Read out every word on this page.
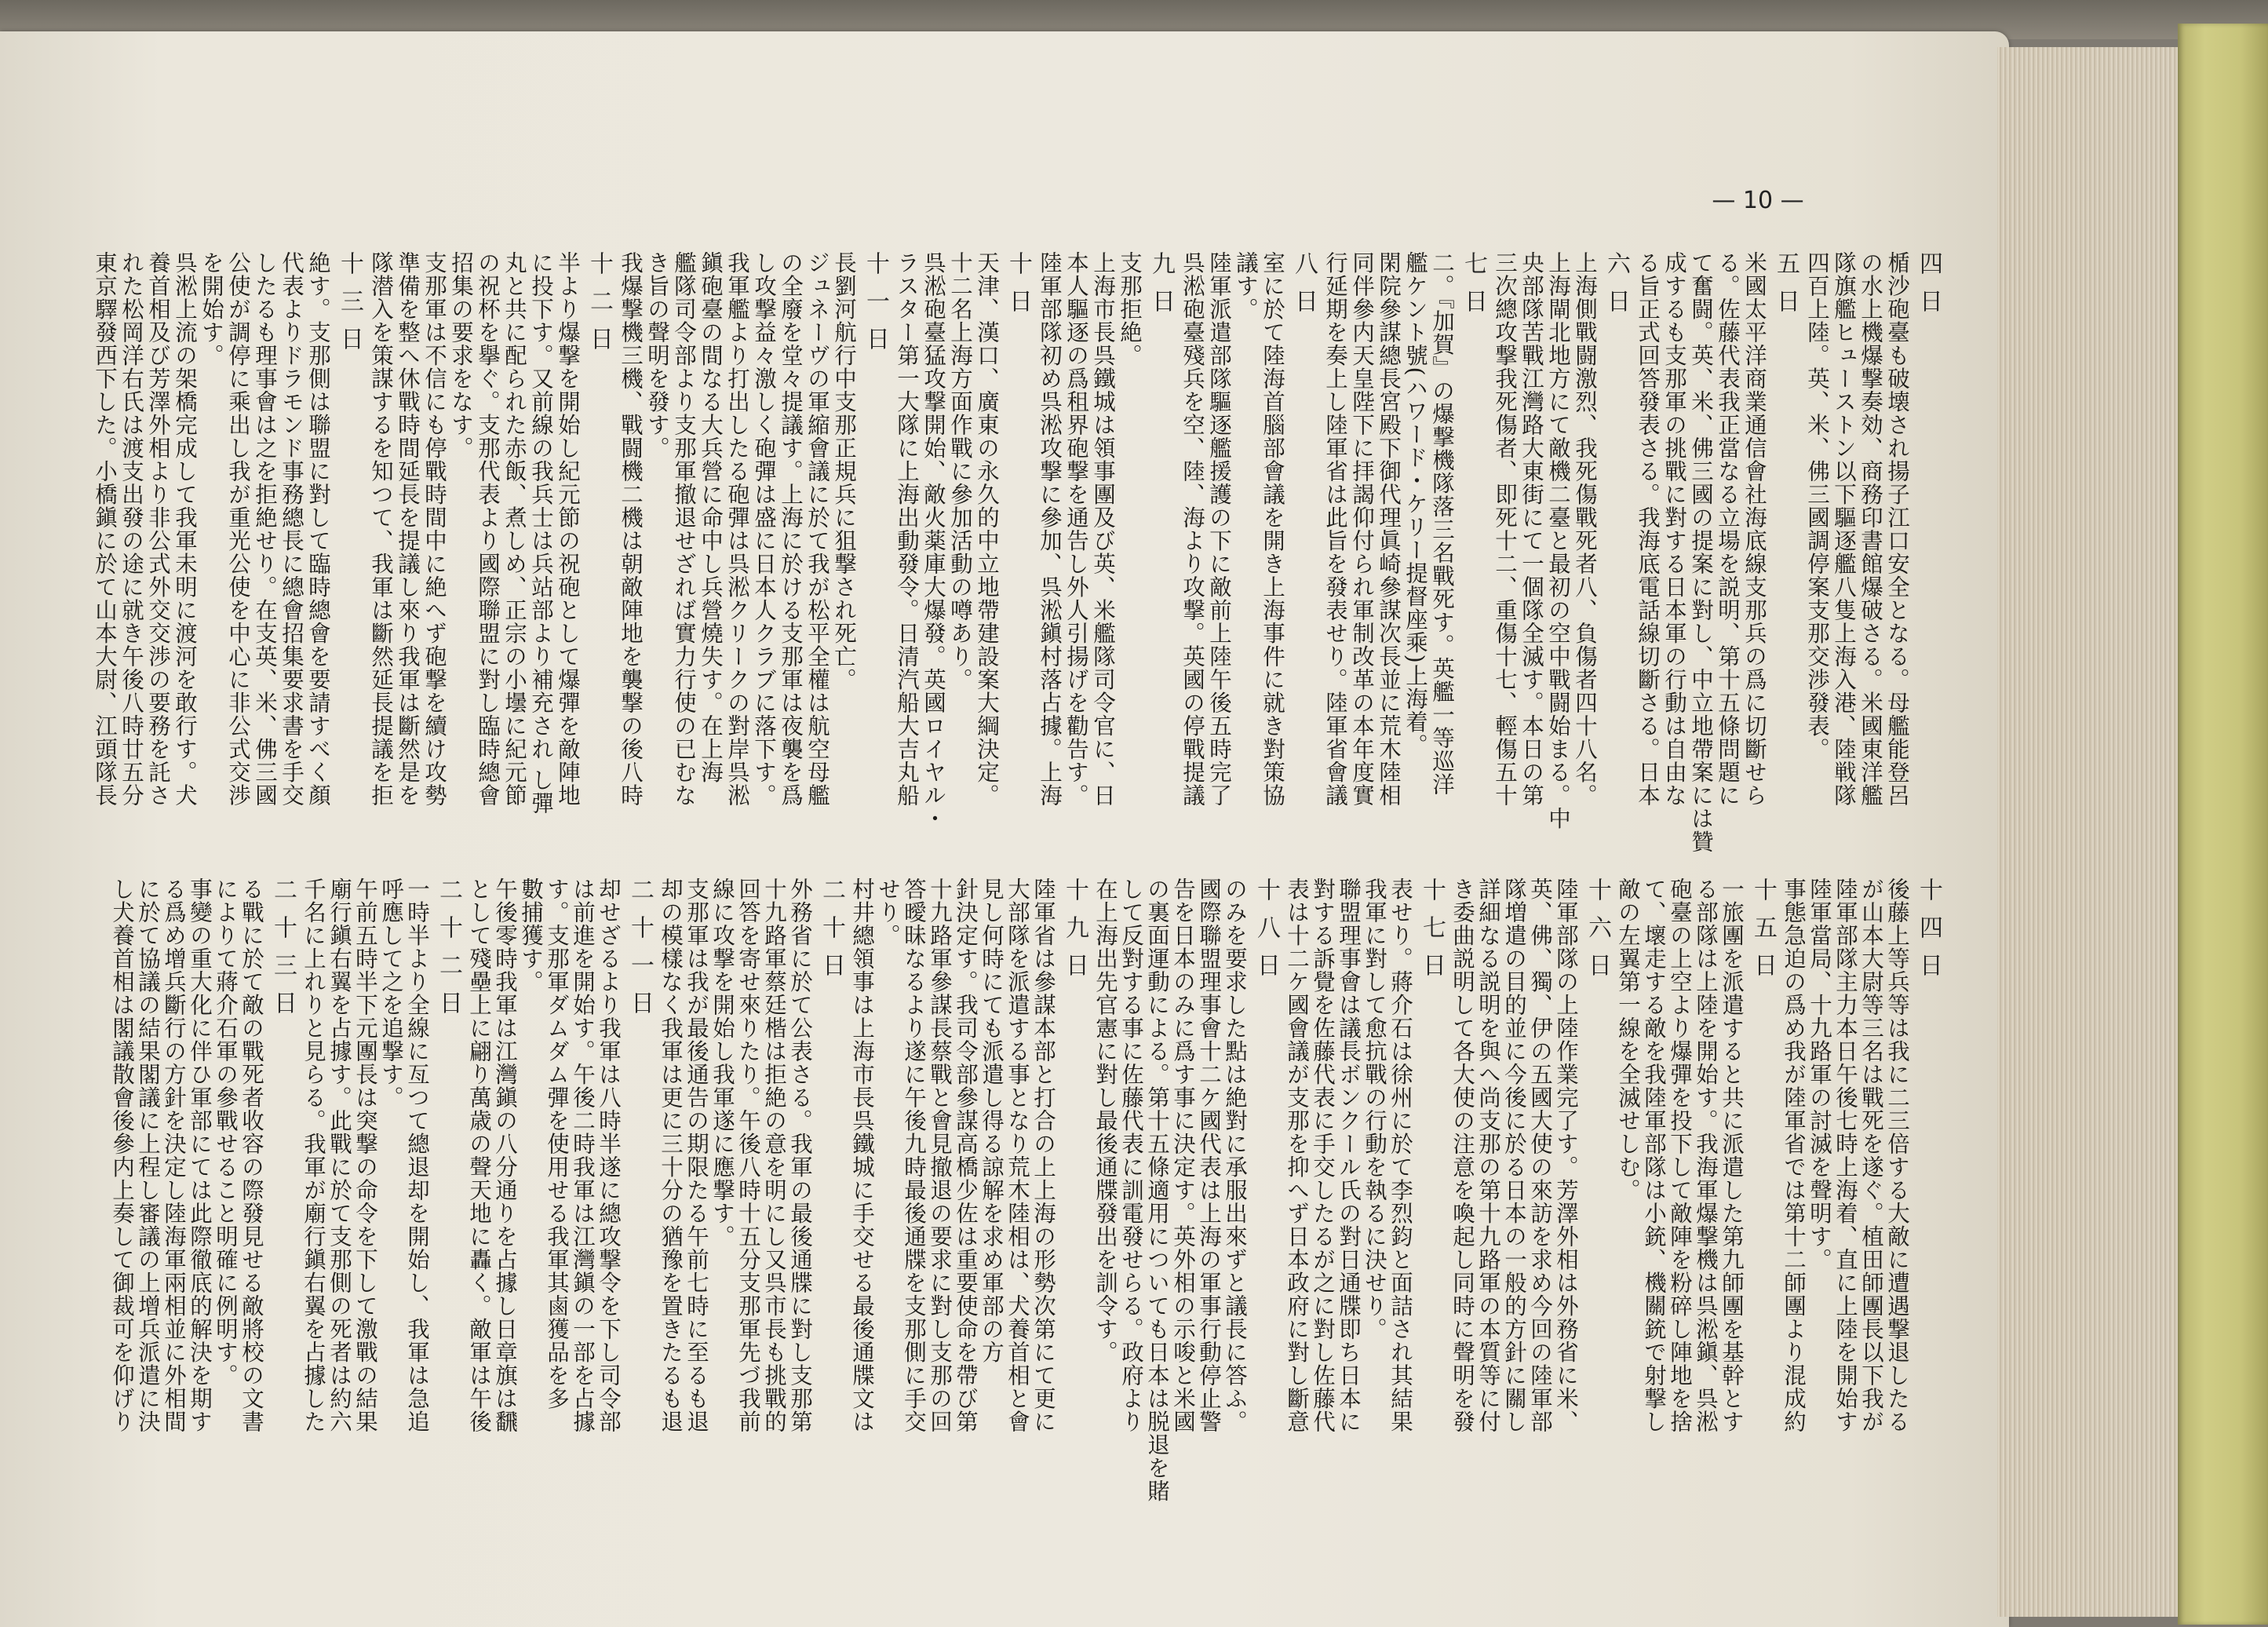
— 10 —
四日
楯沙砲臺も破壊され揚子江口安全となる。母艦能登呂
の水上機爆撃奏効、商務印書館爆破さる。米國東洋艦
隊旗艦ヒューストン以下驅逐艦八隻上海入港、陸戦隊
四百上陸。英、米、佛三國調停案支那交渉發表。
五日
米國太平洋商業通信會社海底線支那兵の爲に切斷せら
る。佐藤代表我正當なる立場を説明、第十五條問題に
て奮闘。英、米、佛三國の提案に對し、中立地帶案には贊
成するも支那軍の挑戰に對する日本軍の行動は自由な
る旨正式回答發表さる。我海底電話線切斷さる。日本
六日
上海側戰闘激烈、我死傷戰死者八、負傷者四十八名。
上海閘北地方にて敵機二臺と最初の空中戰闘始まる。中
央部隊苦戰江灣路大東街にて一個隊全滅す。本日の第
三次總攻撃我死傷者、即死十二、重傷十七、輕傷五十
七日
二。『加賀』の爆撃機隊落三名戰死す。英艦一等巡洋
艦ケント號(ハワード・ケリー提督座乘)上海着。
閑院參謀總長宮殿下御代理眞崎參謀次長並に荒木陸相
同伴參内天皇陛下に拝謁仰付られ軍制改革の本年度實
行延期を奏上し陸軍省は此旨を發表せり。陸軍省會議
八日
室に於て陸海首腦部會議を開き上海事件に就き對策協
議す。
陸軍派遣部隊驅逐艦援護の下に敵前上陸午後五時完了
呉淞砲臺殘兵を空、陸、海より攻撃。英國の停戰提議
九日
支那拒絶。
上海市長呉鐵城は領事團及び英、米艦隊司令官に、日
本人驅逐の爲租界砲撃を通告し外人引揚げを勸告す。
陸軍部隊初め呉淞攻撃に參加、呉淞鎭村落占據。上海
十日
天津、漢口、廣東の永久的中立地帶建設案大綱決定。
十二名上海方面作戰に參加活動の噂あり。
呉淞砲臺猛攻撃開始、敵火薬庫大爆發。英國ロイヤル・
ラスター第一大隊に上海出動發令。日清汽船大吉丸船
十一日
長劉河航行中支那正規兵に狙撃され死亡。
ジュネーヴの軍縮會議に於て我が松平全權は航空母艦
の全廢を堂々提議す。上海に於ける支那軍は夜襲を爲
し攻撃益々激しく砲彈は盛に日本人クラブに落下す。
我軍艦より打出したる砲彈は呉淞クリークの對岸呉淞
鎭砲臺の間なる大兵營に命中し兵營燒失す。在上海
艦隊司令部より支那軍撤退せざれば實力行使の已むな
き旨の聲明を發す。
我爆撃機三機、戰闘機二機は朝敵陣地を襲撃の後八時
十二日
半より爆撃を開始し紀元節の祝砲として爆彈を敵陣地
に投下す。又前線の我兵士は兵站部より補充され し彈
丸と共に配られた赤飯、煮しめ、正宗の小壜に紀元節
の祝杯を擧ぐ。支那代表より國際聯盟に對し臨時總會
招集の要求をなす。
支那軍は不信にも停戰時間中に絶へず砲撃を續け攻勢
準備を整へ休戰時間延長を提議し來り我軍は斷然是を
隊潜入を策謀するを知つて、我軍は斷然延長提議を拒
十三日
絶す。支那側は聯盟に對して臨時總會を要請すべく顏
代表よりドラモンド事務總長に總會招集要求書を手交
したるも理事會は之を拒絶せり。在支英、米、佛三國
公使が調停に乘出し我が重光公使を中心に非公式交渉
を開始す。
呉淞上流の架橋完成して我軍未明に渡河を敢行す。犬
養首相及び芳澤外相より非公式外交交渉の要務を託さ
れた松岡洋右氏は渡支出發の途に就き午後八時廿五分
東京驛發西下した。小橋鎭に於て山本大尉、江頭隊長
十四日
後藤上等兵等は我に二三倍する大敵に遭遇撃退したる
が山本大尉等三名は戰死を遂ぐ。植田師團長以下我が
陸軍部隊主力本日午後七時上海着、直に上陸を開始す
陸軍當局、十九路軍の討滅を聲明す。
事態急迫の爲め我が陸軍省では第十二師團より混成約
十五日
一旅團を派遣すると共に派遣した第九師團を基幹とす
る部隊は上陸を開始す。我海軍爆撃機は呉淞鎭、呉淞
砲臺の上空より爆彈を投下して敵陣を粉碎し陣地を捨
て、壞走する敵を我陸軍部隊は小銃、機關銃で射撃し
敵の左翼第一線を全滅せしむ。
十六日
陸軍部隊の上陸作業完了す。芳澤外相は外務省に米、
英、佛、獨、伊の五國大使の來訪を求め今回の陸軍部
隊増遣の目的並に今後に於る日本の一般的方針に關し
詳細なる説明を與へ尚支那の第十九路軍の本質等に付
き委曲説明して各大使の注意を喚起し同時に聲明を發
十七日
表せり。蔣介石は徐州に於て李烈鈞と面詰され其結果
我軍に對して愈抗戰の行動を執るに決せり。
聯盟理事會は議長ボンクール氏の對日通牒即ち日本に
對する訴覺を佐藤代表に手交したるが之に對し佐藤代
表は十二ケ國會議が支那を抑へず日本政府に對し斷意
十八日
のみを要求した點は絶對に承服出來ずと議長に答ふ。
國際聯盟理事會十二ケ國代表は上海の軍事行動停止警
告を日本のみに爲す事に決定す。英外相の示唆と米國
の裏面運動による。第十五條適用についても日本は脱退を賭
して反對する事に佐藤代表に訓電發せらる。政府より
在上海出先官憲に對し最後通牒發出を訓令す。
十九日
陸軍省は參謀本部と打合の上上海の形勢次第にて更に
大部隊を派遣する事となり荒木陸相は、犬養首相と會
見し何時にても派遣し得る諒解を求め軍部の方
針決定す。我司令部參謀高橋少佐は重要使命を帶び第
十九路軍參謀長蔡戰と會見撤退の要求に對し支那の回
答曖昧なるより遂に午後九時最後通牒を支那側に手交
せり。
村井總領事は上海市長呉鐵城に手交せる最後通牒文は
二十日
外務省に於て公表さる。我軍の最後通牒に對し支那第
十九路軍蔡廷楷は拒絶の意を明にし又呉市長も挑戰的
回答を寄せ來りたり。午後八時十五分支那軍先づ我前
線に攻撃を開始し我軍遂に應撃す。
支那軍は我が最後通告の期限たる午前七時に至るも退
却の模樣なく我軍は更に三十分の猶豫を置きたるも退
二十一日
却せざるより我軍は八時半遂に總攻撃令を下し司令部
は前進を開始す。午後二時我軍は江灣鎭の一部を占據
す。支那軍ダムダム彈を使用せる我軍其鹵獲品を多
數捕獲す。
午後零時我軍は江灣鎭の八分通りを占據し日章旗は飜
として殘壘上に翩り萬歳の聲天地に轟く。敵軍は午後
二十二日
一時半より全線に亙つて總退却を開始し、我軍は急追
呼應して之を追撃す。
午前五時半下元團長は突撃の命令を下して激戰の結果
廟行鎭右翼を占據す。此戰に於て支那側の死者は約六
千名に上れりと見らる。我軍が廟行鎭右翼を占據した
二十三日
る戰に於て敵の戰死者收容の際發見せる敵將校の文書
によりて蔣介石軍の參戰せること明確に例明す。
事變の重大化に伴ひ軍部にては此際徹底的解決を期す
る爲め增兵斷行の方針を決定し陸海軍兩相並に外相間
に於て協議の結果閣議に上程し審議の上增兵派遣に決
し犬養首相は閣議散會後參内上奏して御裁可を仰げり
